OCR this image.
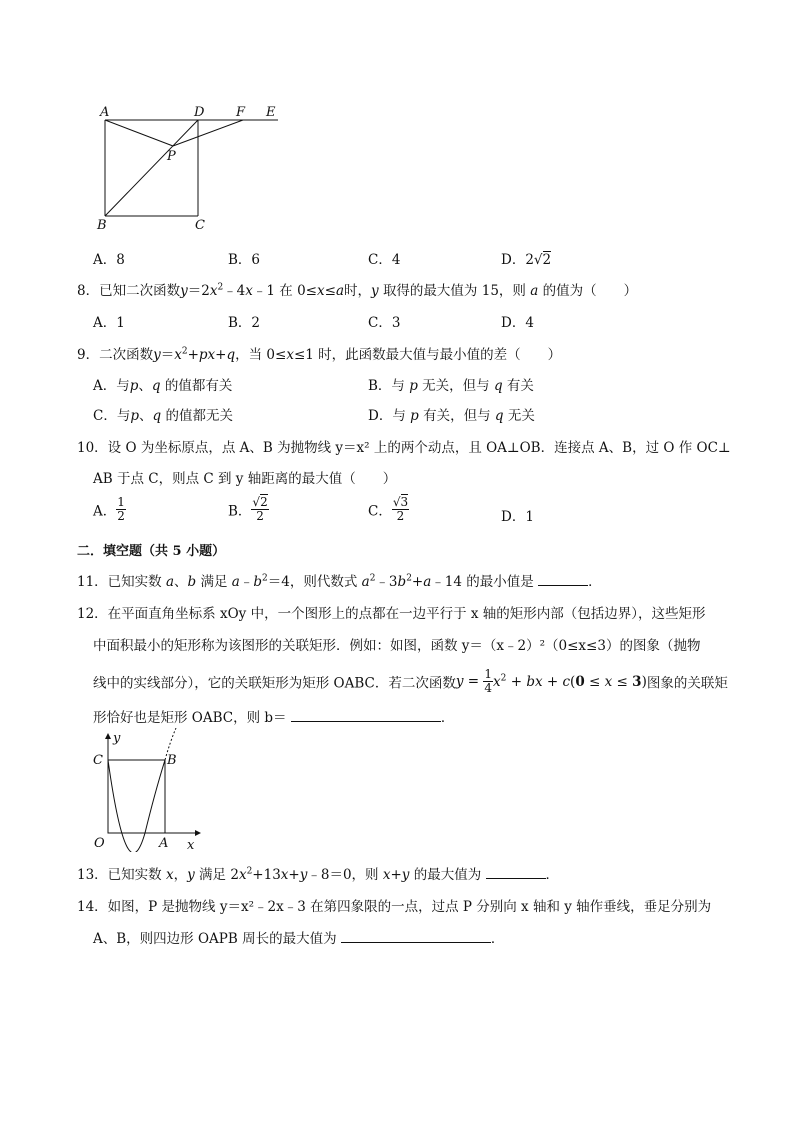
A	D F E
P
B	C
A．8	B．6	C．4	D．2√2
8．已知二次函数$y=2x^2﹣4x﹣1$ 在 0≤x≤a时，y 取得的最大值为 15，则 a 的值为（　　）
A．1	B．2	C．3	D．4
9．二次函数$y=x^2+px+q$，当 0≤x≤1 时，此函数最大值与最小值的差（　　）
A．与p、q 的值都有关	B．与 p 无关，但与 q 有关
C．与p、q 的值都无关	D．与 p 有关，但与 q 无关
10．设 O 为坐标原点，点 A、B 为抛物线 y＝x² 上的两个动点，且 OA⊥OB．连接点 A、B，过 O 作 OC⊥
AB 于点 C，则点 C 到 y 轴距离的最大值（　　）
A． $\frac{1}{2}$	B． $\frac{√2}{2}$	C． $\frac{√3}{2}$	D．1
二．填空题（共 5 小题）
11．已知实数 a、b 满足 $a﹣b^2=4$，则代数式 $a^2﹣3b^2+a﹣14$ 的最小值是	．
12．在平面直角坐标系 xOy 中，一个图形上的点都在一边平行于 x 轴的矩形内部（包括边界），这些矩形
中面积最小的矩形称为该图形的关联矩形．例如：如图，函数 y＝（x﹣2）²（0≤x≤3）的图象（抛物
线中的实线部分），它的关联矩形为矩形 OABC．若二次函数$y = \frac{1}{4} x^2$ + bx + c(0 ≤ x ≤ 3)图象的关联矩
形恰好也是矩形 OABC，则 b＝	．
y
x
C	B
O	A
13．已知实数 x，y 满足 $2x^2+13x+y﹣8=0$，则 x+y 的最大值为	．
14．如图，P 是抛物线 y＝x²﹣2x﹣3 在第四象限的一点，过点 P 分别向 x 轴和 y 轴作垂线，垂足分别为
A、B，则四边形 OAPB 周长的最大值为	．
